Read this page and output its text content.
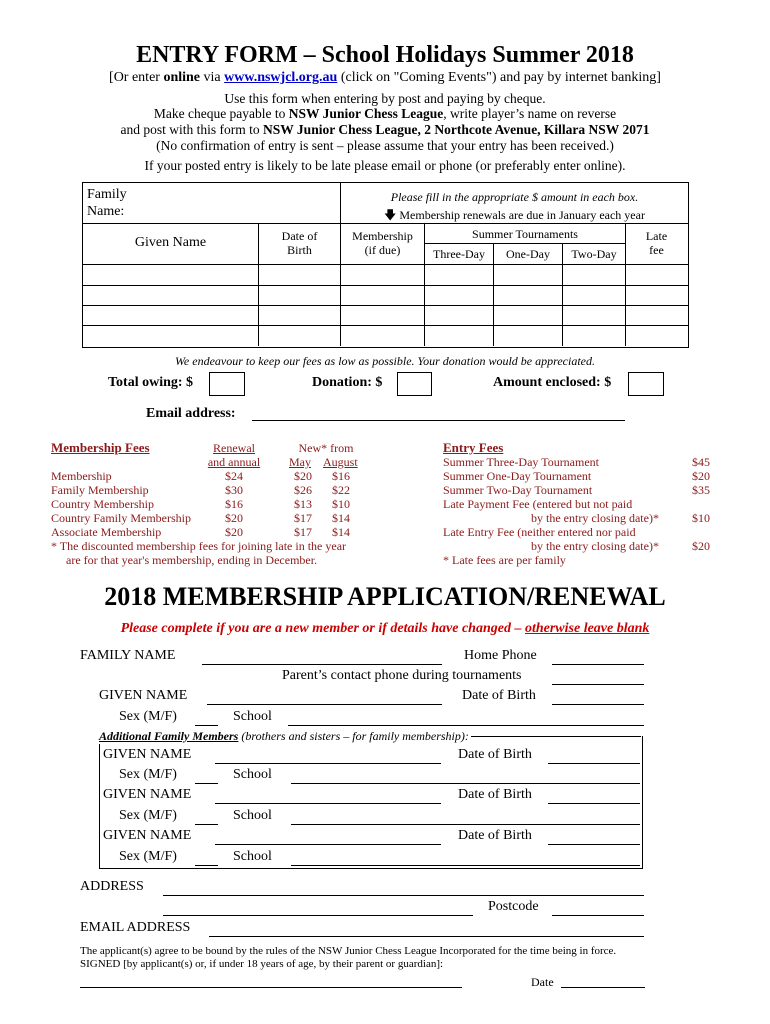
ENTRY FORM – School Holidays Summer 2018
[Or enter online via www.nswjcl.org.au (click on "Coming Events") and pay by internet banking]
Use this form when entering by post and paying by cheque.
Make cheque payable to NSW Junior Chess League, write player’s name on reverse
and post with this form to NSW Junior Chess League, 2 Northcote Avenue, Killara NSW 2071
(No confirmation of entry is sent – please assume that your entry has been received.)
If your posted entry is likely to be late please email or phone (or preferably enter online).
Family
Name:
Please fill in the appropriate $ amount in each box.
🡇 Membership renewals are due in January each year
Given Name	Date of
Birth
Membership
(if due)
Summer Tournaments
Three-Day	One-Day	Two-Day
Late
fee
We endeavour to keep our fees as low as possible. Your donation would be appreciated.
Total owing: $	Donation: $	Amount enclosed: $
Email address:
Membership Fees	Renewal
and annual
New* from
May August
Membership	$24	$20 $16
Family Membership	$30	$26 $22
Country Membership	$16	$13 $10
Country Family Membership	$20	$17 $14
Associate Membership	$20	$17 $14
* The discounted membership fees for joining late in the year
are for that year's membership, ending in December.
Entry Fees
Summer Three-Day Tournament	$45
Summer One-Day Tournament	$20
Summer Two-Day Tournament	$35
Late Payment Fee (entered but not paid
by the entry closing date)*	$10
Late Entry Fee (neither entered nor paid
by the entry closing date)*	$20
* Late fees are per family
2018 MEMBERSHIP APPLICATION/RENEWAL
Please complete if you are a new member or if details have changed – otherwise leave blank
FAMILY NAME	Home Phone
Parent’s contact phone during tournaments
GIVEN NAME	Date of Birth
Sex (M/F)	School
Additional Family Members (brothers and sisters – for family membership):
GIVEN NAME	Date of Birth
Sex (M/F)	School
GIVEN NAME	Date of Birth
Sex (M/F)	School
GIVEN NAME	Date of Birth
Sex (M/F)	School
ADDRESS
Postcode
EMAIL ADDRESS
The applicant(s) agree to be bound by the rules of the NSW Junior Chess League Incorporated for the time being in force.
SIGNED [by applicant(s) or, if under 18 years of age, by their parent or guardian]:
Date
